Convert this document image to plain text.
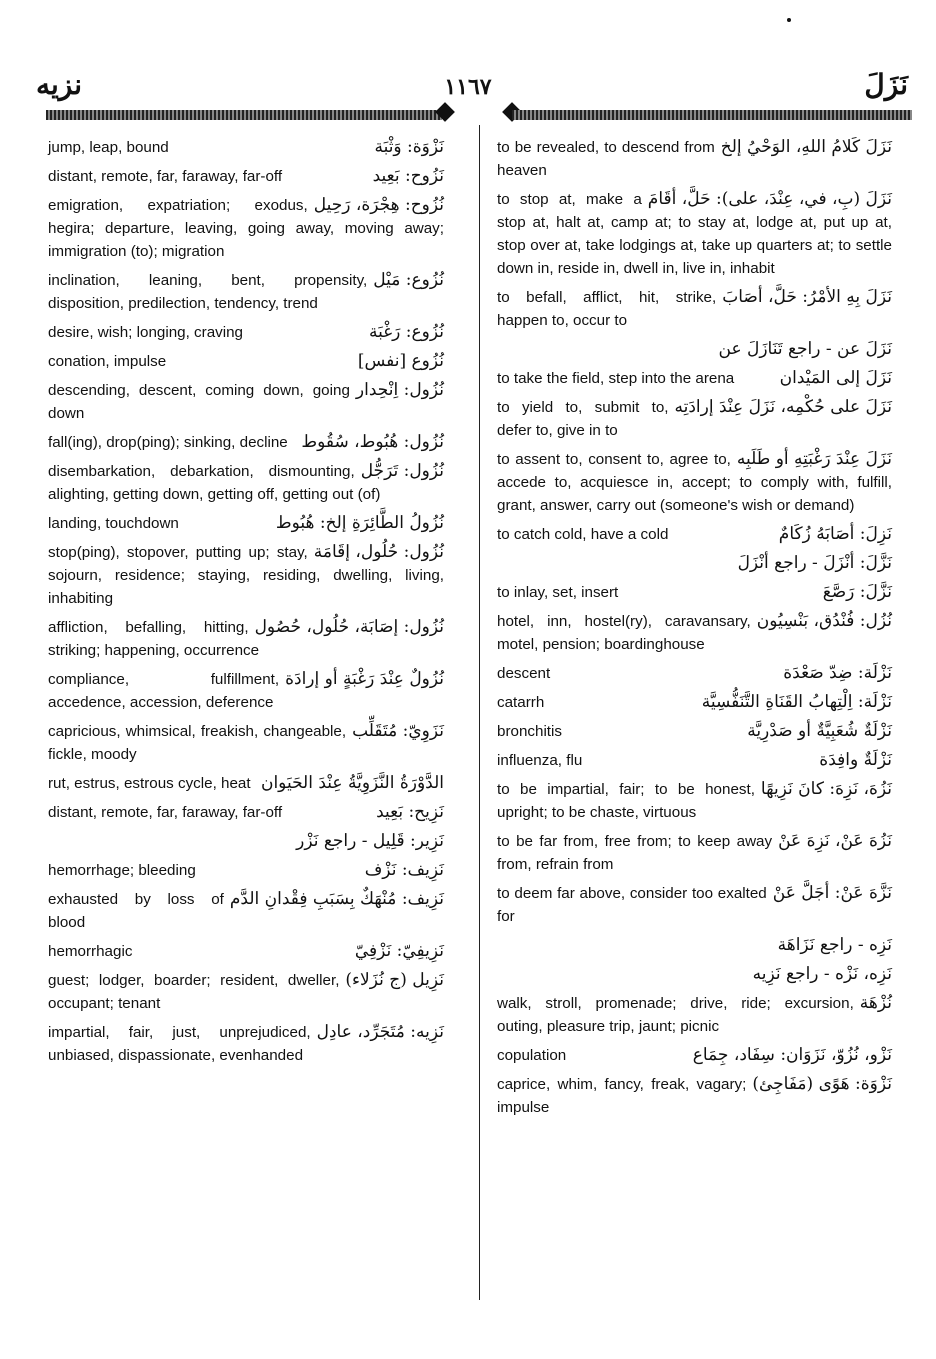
نزيه	١١٦٧	نَزَلَ
نَزْوَة: وَثْبَة
jump, leap, bound
نَزُوح: بَعِيد
distant, remote, far, faraway, far-off
نُزُوح: هِجْرَة، رَحِيل
emigration, expatriation; exodus, hegira; departure, leaving, going away, moving away; immigration (to); migration
نُزُوع: مَيْل
inclination, leaning, bent, propensity, disposition, predilection, tendency, trend
نُزُوع: رَغْبَة
desire, wish; longing, craving
نُزُوع [نفس]
conation, impulse
نُزُول: اِنْحِدار
descending, descent, coming down, going down
نُزُول: هُبُوط، سُقُوط
fall(ing), drop(ping); sinking, decline
نُزُول: تَرَجُّل
disembarkation, debarkation, dismounting, alighting, getting down, getting off, getting out (of)
نُزُولُ الطَّائِرَةِ إلخ: هُبُوط
landing, touchdown
نُزُول: حُلُول، إقَامَة
stop(ping), stopover, putting up; stay, sojourn, residence; staying, residing, dwelling, living, inhabiting
نُزُول: إصَابَة، حُلُول، حُصُول
affliction, befalling, hitting, striking; happening, occurrence
نُزُولٌ عِنْدَ رَغْبَةٍ أو إرادَة
compliance, fulfillment, accedence, accession, deference
نَزَوِيّ: مُتَقَلِّب
capricious, whimsical, freakish, changeable, fickle, moody
الدَّوْرَةُ النَّزَوِيَّةُ عِنْدَ الحَيَوان
rut, estrus, estrous cycle, heat
نَزِيح: بَعِيد
distant, remote, far, faraway, far-off
نَزِير: قَلِيل - راجع نَزْر
نَزِيف: نَزْف
hemorrhage; bleeding
نَزِيف: مُنْهَكٌ بِسَبَبِ فِقْدانِ الدَّم
exhausted by loss of blood
نَزِيفِيّ: نَزْفِيّ
hemorrhagic
نَزِيل (ج نُزَلاء)
guest; lodger, boarder; resident, dweller, occupant; tenant
نَزِيه: مُتَجَرِّد، عادِل
impartial, fair, just, unprejudiced, unbiased, dispassionate, evenhanded
نَزَلَ كَلامُ اللهِ، الوَحْيُ إلخ
to be revealed, to descend from heaven
نَزَلَ (بِ، في، عِنْدَ، على): حَلَّ، أقَامَ
to stop at, make a stop at, halt at, camp at; to stay at, lodge at, put up at, stop over at, take lodgings at, take up quarters at; to settle down in, reside in, dwell in, live in, inhabit
نَزَلَ بِهِ الأمْرُ: حَلَّ، أصَابَ
to befall, afflict, hit, strike, happen to, occur to
نَزَلَ عن - راجع تَنَازَلَ عن
نَزَلَ إلى المَيْدان
to take the field, step into the arena
نَزَلَ على حُكْمِه، نَزَلَ عِنْدَ إرادَتِه
to yield to, submit to, defer to, give in to
نَزَلَ عِنْدَ رَغْبَتِهِ أو طَلَبِه
to assent to, consent to, agree to, accede to, acquiesce in, accept; to comply with, fulfill, grant, answer, carry out (someone's wish or demand)
نَزِلَ: أصَابَهُ زُكَامٌ
to catch cold, have a cold
نَزَّلَ: أنْزَلَ - راجع أنْزَلَ
نَزَّلَ: رَصَّعَ
to inlay, set, insert
نُزُل: فُنْدُق، بَنْسِيُون
hotel, inn, hostel(ry), caravansary, motel, pension; boardinghouse
نَزْلَة: ضِدّ صَعْدَة
descent
نَزْلَة: اِلْتِهابُ القَنَاةِ التَّنَفُّسِيَّة
catarrh
نَزْلَةٌ شُعَبِيَّةٌ أو صَدْرِيَّة
bronchitis
نَزْلَةٌ وافِدَة
influenza, flu
نَزُهَ، نَزِهَ: كانَ نَزِيهًا
to be impartial, fair; to be honest, upright; to be chaste, virtuous
نَزُهَ عَنْ، نَزِهَ عَنْ
to be far from, free from; to keep away from, refrain from
نَزَّهَ عَنْ: أجَلَّ عَنْ
to deem far above, consider too exalted for
نَزِه - راجع نَزَاهَة
نَزِه، نَزْه - راجع نَزِيه
نُزْهَة
walk, stroll, promenade; drive, ride; excursion, outing, pleasure trip, jaunt; picnic
نَزْو، نُزُوّ، نَزَوَان: سِفَاد، جِمَاع
copulation
نَزْوَة: هَوًى (مَفَاجِئ)
caprice, whim, fancy, freak, vagary; impulse
